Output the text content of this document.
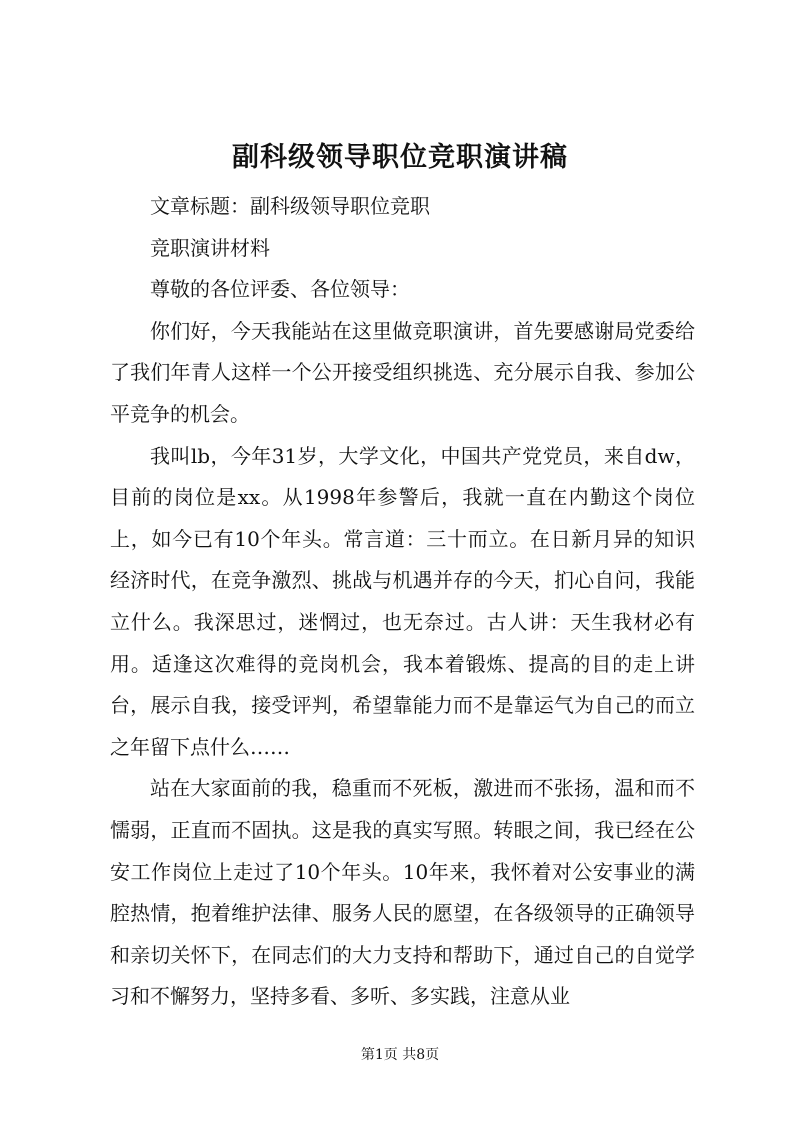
副科级领导职位竞职演讲稿

文章标题：副科级领导职位竞职

竞职演讲材料

尊敬的各位评委、各位领导：

你们好，今天我能站在这里做竞职演讲，首先要感谢局党委给了我们年青人这样一个公开接受组织挑选、充分展示自我、参加公平竞争的机会。

我叫lb，今年31岁，大学文化，中国共产党党员，来自dw，目前的岗位是xx。从1998年参警后，我就一直在内勤这个岗位上，如今已有10个年头。常言道：三十而立。在日新月异的知识经济时代，在竞争激烈、挑战与机遇并存的今天，扪心自问，我能立什么。我深思过，迷惘过，也无奈过。古人讲：天生我材必有用。适逢这次难得的竞岗机会，我本着锻炼、提高的目的走上讲台，展示自我，接受评判，希望靠能力而不是靠运气为自己的而立之年留下点什么……

站在大家面前的我，稳重而不死板，激进而不张扬，温和而不懦弱，正直而不固执。这是我的真实写照。转眼之间，我已经在公安工作岗位上走过了10个年头。10年来，我怀着对公安事业的满腔热情，抱着维护法律、服务人民的愿望，在各级领导的正确领导和亲切关怀下，在同志们的大力支持和帮助下，通过自己的自觉学习和不懈努力，坚持多看、多听、多实践，注意从业

第1页 共8页
